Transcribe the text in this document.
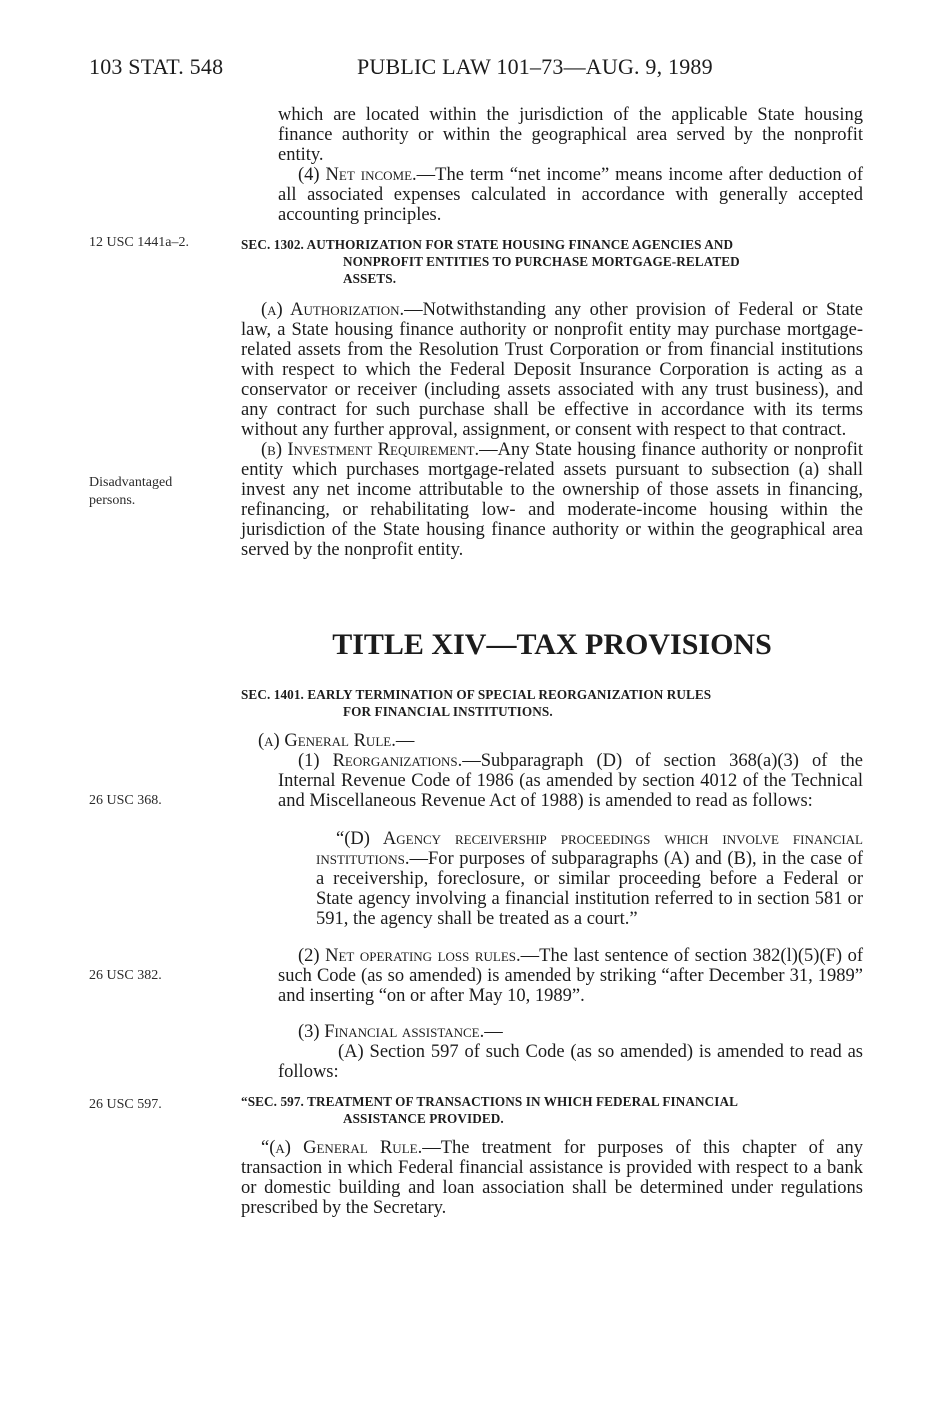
103 STAT. 548	PUBLIC LAW 101–73—AUG. 9, 1989
12 USC 1441a–2.
Disadvantaged persons.
26 USC 368.
26 USC 382.
26 USC 597.

which are located within the jurisdiction of the applicable State housing finance authority or within the geographical area served by the nonprofit entity.

(4) Net income.—The term “net income” means income after deduction of all associated expenses calculated in accordance with generally accepted accounting principles.

SEC. 1302. AUTHORIZATION FOR STATE HOUSING FINANCE AGENCIES AND
NONPROFIT ENTITIES TO PURCHASE MORTGAGE-RELATED
ASSETS.

(a) Authorization.—Notwithstanding any other provision of Federal or State law, a State housing finance authority or nonprofit entity may purchase mortgage-related assets from the Resolution Trust Corporation or from financial institutions with respect to which the Federal Deposit Insurance Corporation is acting as a conservator or receiver (including assets associated with any trust business), and any contract for such purchase shall be effective in accordance with its terms without any further approval, assignment, or consent with respect to that contract.

(b) Investment Requirement.—Any State housing finance authority or nonprofit entity which purchases mortgage-related assets pursuant to subsection (a) shall invest any net income attributable to the ownership of those assets in financing, refinancing, or rehabilitating low- and moderate-income housing within the jurisdiction of the State housing finance authority or within the geographical area served by the nonprofit entity.

TITLE XIV—TAX PROVISIONS
SEC. 1401. EARLY TERMINATION OF SPECIAL REORGANIZATION RULES
FOR FINANCIAL INSTITUTIONS.
(a) General Rule.—

(1) Reorganizations.—Subparagraph (D) of section 368(a)(3) of the Internal Revenue Code of 1986 (as amended by section 4012 of the Technical and Miscellaneous Revenue Act of 1988) is amended to read as follows:

“(D) Agency receivership proceedings which involve financial institutions.—For purposes of subparagraphs (A) and (B), in the case of a receivership, foreclosure, or similar proceeding before a Federal or State agency involving a financial institution referred to in section 581 or 591, the agency shall be treated as a court.”

(2) Net operating loss rules.—The last sentence of section 382(l)(5)(F) of such Code (as so amended) is amended by striking “after December 31, 1989” and inserting “on or after May 10, 1989”.

(3) Financial assistance.—

(A) Section 597 of such Code (as so amended) is amended to read as follows:

“SEC. 597. TREATMENT OF TRANSACTIONS IN WHICH FEDERAL FINANCIAL
ASSISTANCE PROVIDED.

“(a) General Rule.—The treatment for purposes of this chapter of any transaction in which Federal financial assistance is provided with respect to a bank or domestic building and loan association shall be determined under regulations prescribed by the Secretary.
